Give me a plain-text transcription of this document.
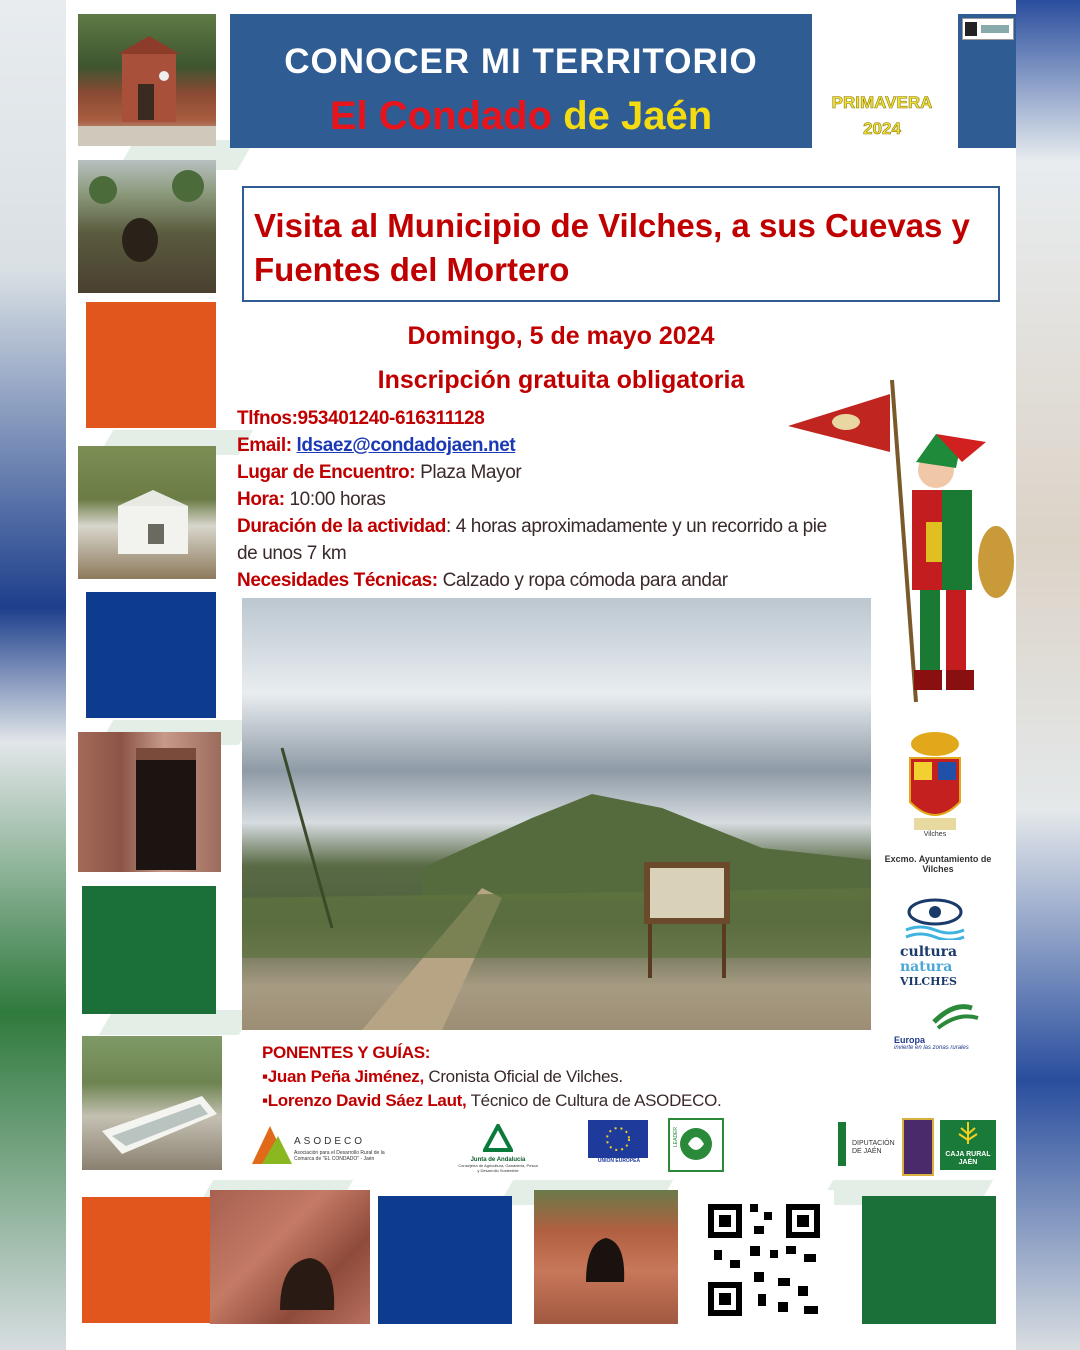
CONOCER MI TERRITORIO
El Condado de Jaén	PRIMAVERA
2024
Visita al Municipio de Vilches, a sus Cuevas y Fuentes del Mortero
Domingo, 5 de mayo 2024
Inscripción gratuita obligatoria
Tlfnos:953401240-616311128
Email: ldsaez@condadojaen.net
Lugar de Encuentro: Plaza Mayor
Hora: 10:00 horas
Duración de la actividad: 4 horas aproximadamente y un recorrido a pie
de unos 7 km
Necesidades Técnicas: Calzado y ropa cómoda para andar
Vilches
Excmo. Ayuntamiento de Vilches
cultura
natura
VILCHES
Europa
invierte en las zonas rurales
PONENTES Y GUÍAS:
▪Juan Peña Jiménez, Cronista Oficial de Vilches.
▪Lorenzo David Sáez Laut, Técnico de Cultura de ASODECO.
ASODECO
Asociación para el Desarrollo Rural de la Comarca de "EL CONDADO" - Jaén	Junta de Andalucía
Consejería de Agricultura, Ganadería, Pesca y Desarrollo Sostenible
UNIÓN EUROPEA
LEADER	DIPUTACIÓN DE JAÉN	CAJA RURAL JAÉN
